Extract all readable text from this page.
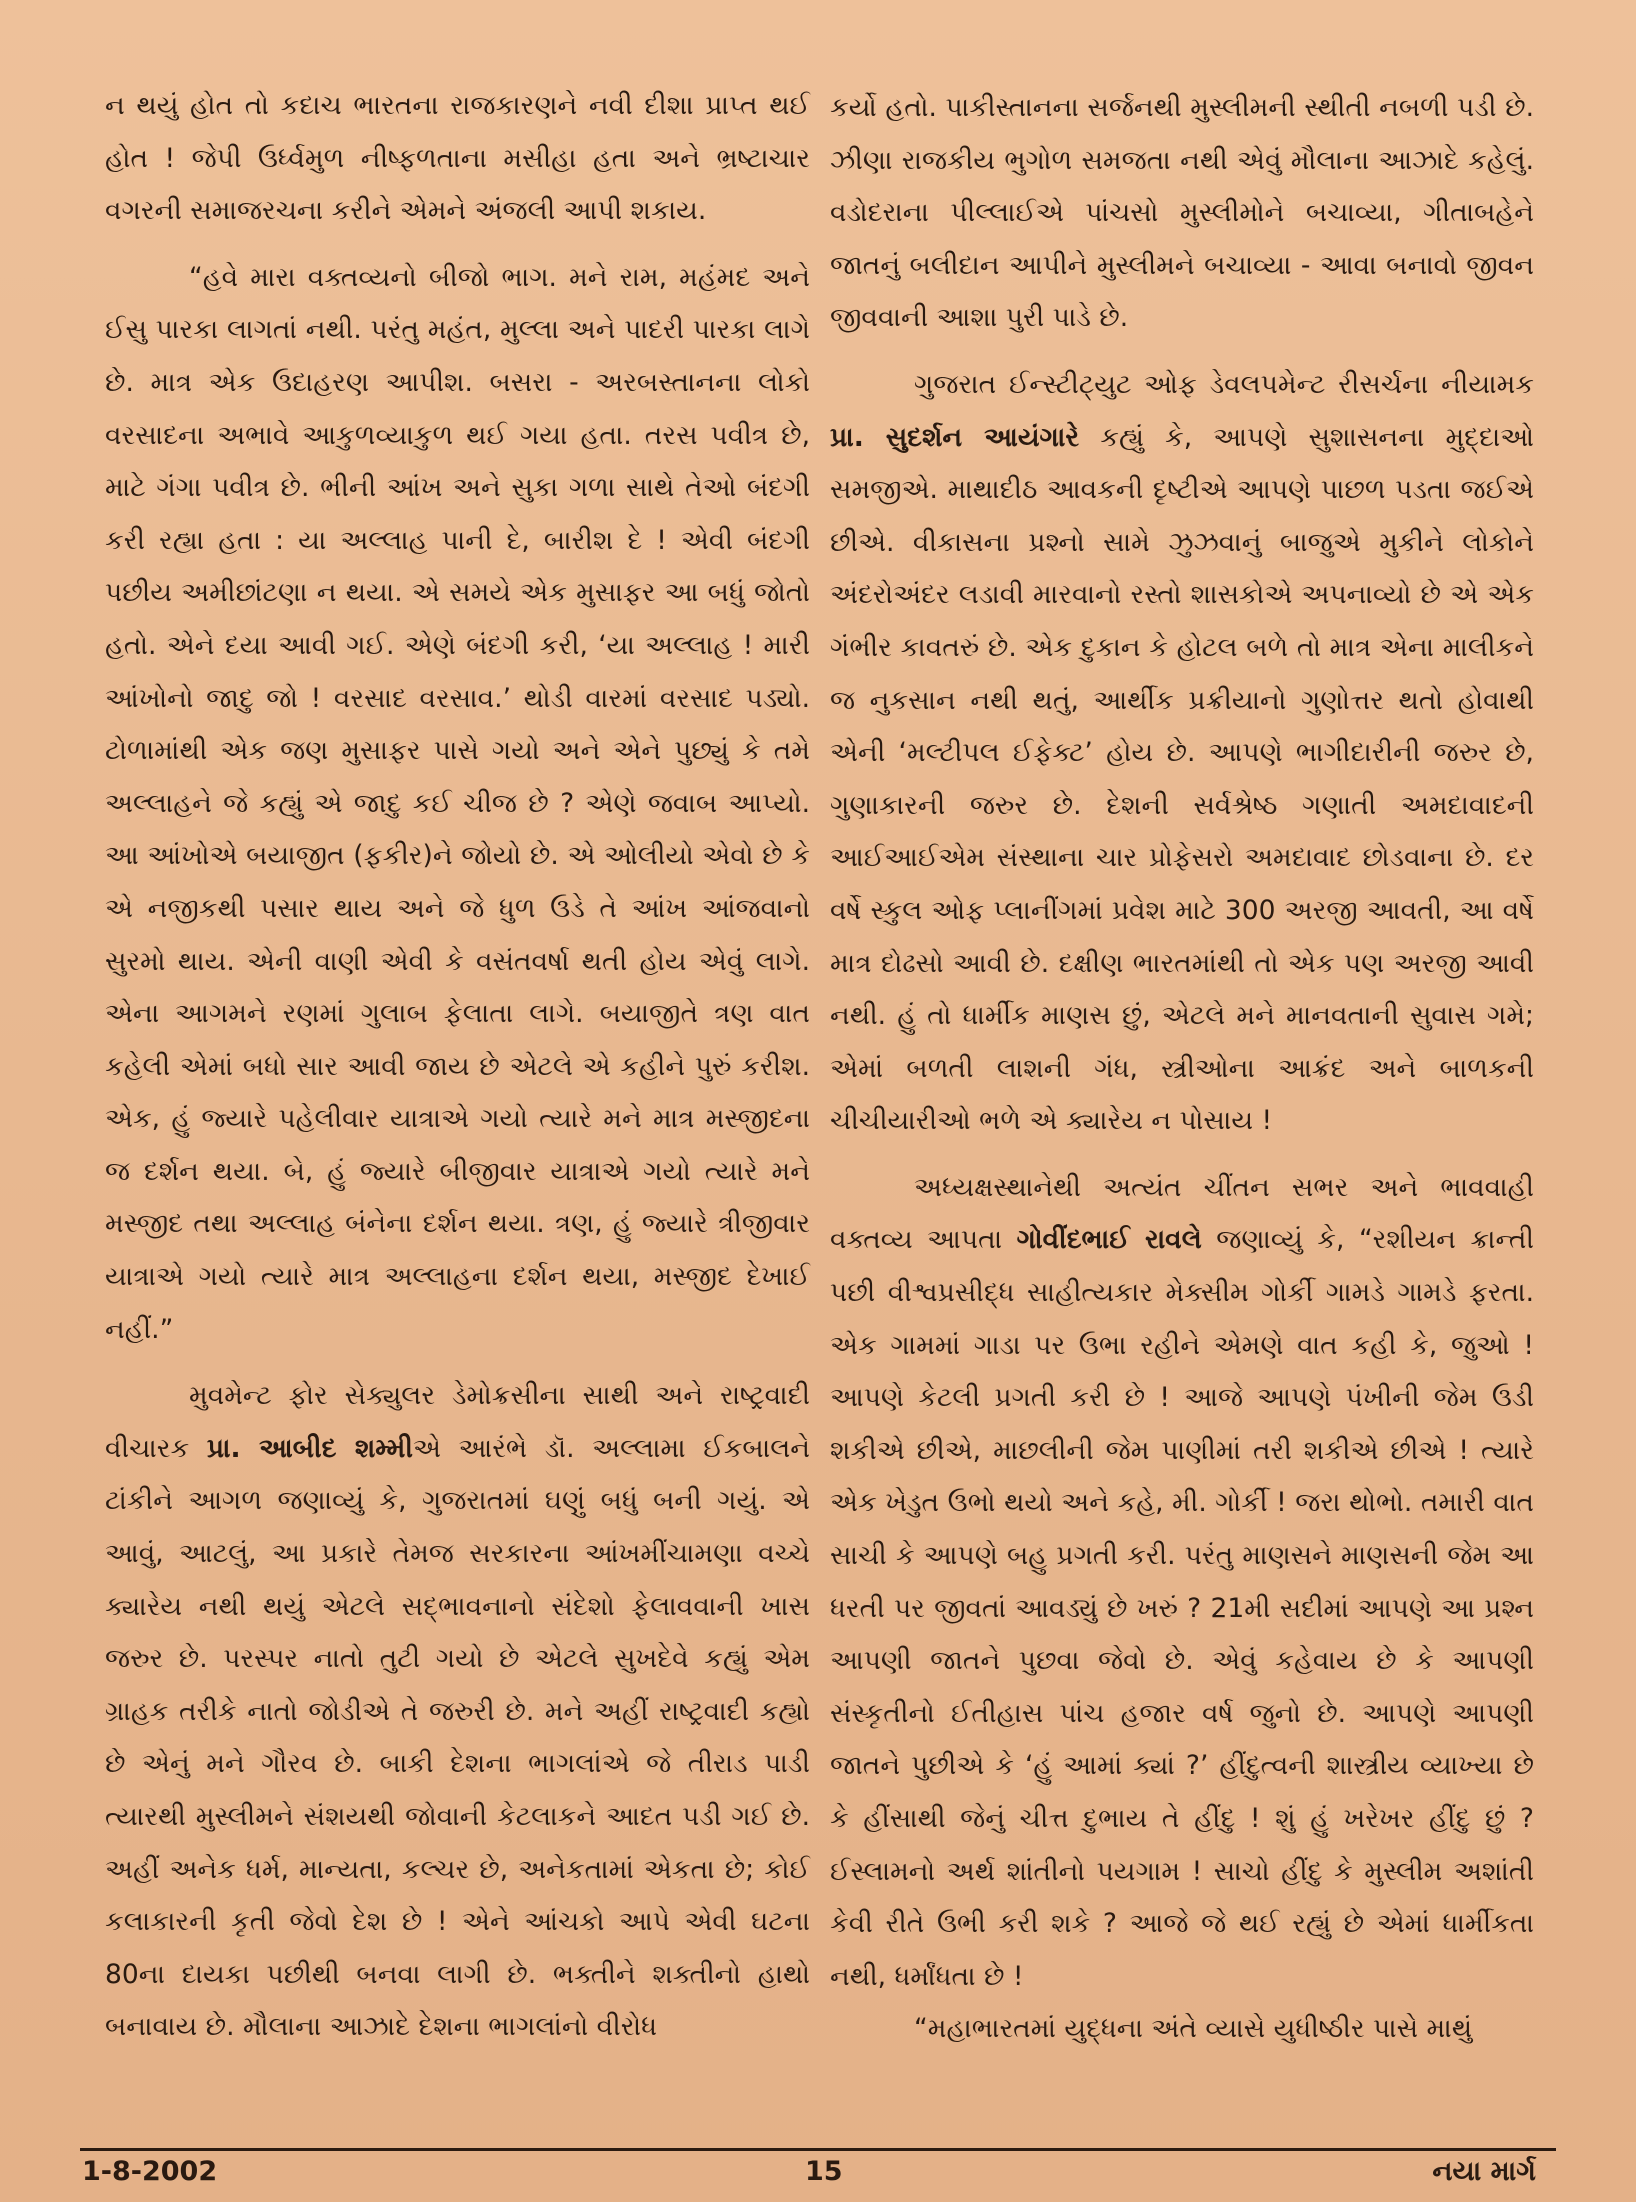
ન થયું હોત તો કદાચ ભારતના રાજકારણને નવી દીશા પ્રાપ્ત થઈ હોત ! જેપી ઉર્ધ્વમુળ નીષ્ફળતાના મસીહા હતા અને ભ્રષ્ટાચાર વગરની સમાજરચના કરીને એમને અંજલી આપી શકાય.

“હવે મારા વક્તવ્યનો બીજો ભાગ. મને રામ, મહંમદ અને ઈસુ પારકા લાગતાં નથી. પરંતુ મહંત, મુલ્લા અને પાદરી પારકા લાગે છે. માત્ર એક ઉદાહરણ આપીશ. બસરા - અરબસ્તાનના લોકો વરસાદના અભાવે આકુળવ્યાકુળ થઈ ગયા હતા. તરસ પવીત્ર છે, માટે ગંગા પવીત્ર છે. ભીની આંખ અને સુકા ગળા સાથે તેઓ બંદગી કરી રહ્યા હતા : યા અલ્લાહ પાની દે, બારીશ દે ! એવી બંદગી પછીય અમીછાંટણા ન થયા. એ સમયે એક મુસાફર આ બધું જોતો હતો. એને દયા આવી ગઈ. એણે બંદગી કરી, ‘યા અલ્લાહ ! મારી આંખોનો જાદુ જો ! વરસાદ વરસાવ.’ થોડી વારમાં વરસાદ પડ્યો. ટોળામાંથી એક જણ મુસાફર પાસે ગયો અને એને પુછ્યું કે તમે અલ્લાહને જે કહ્યું એ જાદુ કઈ ચીજ છે ? એણે જવાબ આપ્યો. આ આંખોએ બયાજીત (ફકીર)ને જોયો છે. એ ઓલીયો એવો છે કે એ નજીકથી પસાર થાય અને જે ધુળ ઉડે તે આંખ આંજવાનો સુરમો થાય. એની વાણી એવી કે વસંતવર્ષા થતી હોય એવું લાગે. એના આગમને રણમાં ગુલાબ ફેલાતા લાગે. બયાજીતે ત્રણ વાત કહેલી એમાં બધો સાર આવી જાય છે એટલે એ કહીને પુરું કરીશ. એક, હું જ્યારે પહેલીવાર યાત્રાએ ગયો ત્યારે મને માત્ર મસ્જીદના જ દર્શન થયા. બે, હું જ્યારે બીજીવાર યાત્રાએ ગયો ત્યારે મને મસ્જીદ તથા અલ્લાહ બંનેના દર્શન થયા. ત્રણ, હું જ્યારે ત્રીજીવાર યાત્રાએ ગયો ત્યારે માત્ર અલ્લાહના દર્શન થયા, મસ્જીદ દેખાઈ નહીં.”

મુવમેન્ટ ફોર સેક્યુલર ડેમોક્રસીના સાથી અને રાષ્ટ્રવાદી વીચારક પ્રા. આબીદ શમ્મીએ આરંભે ડૉ. અલ્લામા ઈકબાલને ટાંકીને આગળ જણાવ્યું કે, ગુજરાતમાં ઘણું બધું બની ગયું. એ આવું, આટલું, આ પ્રકારે તેમજ સરકારના આંખમીંચામણા વચ્ચે ક્યારેય નથી થયું એટલે સદ્‌ભાવનાનો સંદેશો ફેલાવવાની ખાસ જરુર છે. પરસ્પર નાતો તુટી ગયો છે એટલે સુખદેવે કહ્યું એમ ગ્રાહક તરીકે નાતો જોડીએ તે જરુરી છે. મને અહીં રાષ્ટ્રવાદી કહ્યો છે એનું મને ગૌરવ છે. બાકી દેશના ભાગલાંએ જે તીરાડ પાડી ત્યારથી મુસ્લીમને સંશયથી જોવાની કેટલાકને આદત પડી ગઈ છે. અહીં અનેક ધર્મ, માન્યતા, કલ્ચર છે, અનેકતામાં એકતા છે; કોઈ કલાકારની કૃતી જેવો દેશ છે ! એને આંચકો આપે એવી ઘટના 80ના દાયકા પછીથી બનવા લાગી છે. ભક્તીને શક્તીનો હાથો બનાવાય છે. મૌલાના આઝાદે દેશના ભાગલાંનો વીરોધ

કર્યો હતો. પાકીસ્તાનના સર્જનથી મુસ્લીમની સ્થીતી નબળી પડી છે. ઝીણા રાજકીય ભુગોળ સમજતા નથી એવું મૌલાના આઝાદે કહેલું. વડોદરાના પીલ્લાઈએ પાંચસો મુસ્લીમોને બચાવ્યા, ગીતાબહેને જાતનું બલીદાન આપીને મુસ્લીમને બચાવ્યા - આવા બનાવો જીવન જીવવાની આશા પુરી પાડે છે.

ગુજરાત ઈન્સ્ટીટ્યુટ ઓફ ડેવલપમેન્ટ રીસર્ચના નીયામક પ્રા. સુદર્શન આયંગારે કહ્યું કે, આપણે સુશાસનના મુદ્દાઓ સમજીએ. માથાદીઠ આવકની દૃષ્ટીએ આપણે પાછળ પડતા જઈએ છીએ. વીકાસના પ્રશ્નો સામે ઝુઝવાનું બાજુએ મુકીને લોકોને અંદરોઅંદર લડાવી મારવાનો રસ્તો શાસકોએ અપનાવ્યો છે એ એક ગંભીર કાવતરું છે. એક દુકાન કે હોટલ બળે તો માત્ર એના માલીકને જ નુકસાન નથી થતું, આર્થીક પ્રક્રીયાનો ગુણોત્તર થતો હોવાથી એની ‘મલ્ટીપલ ઈફેક્ટ’ હોય છે. આપણે ભાગીદારીની જરુર છે, ગુણાકારની જરુર છે. દેશની સર્વશ્રેષ્ઠ ગણાતી અમદાવાદની આઈઆઈએમ સંસ્થાના ચાર પ્રોફેસરો અમદાવાદ છોડવાના છે. દર વર્ષે સ્કુલ ઓફ પ્લાનીંગમાં પ્રવેશ માટે 300 અરજી આવતી, આ વર્ષે માત્ર દોઢસો આવી છે. દક્ષીણ ભારતમાંથી તો એક પણ અરજી આવી નથી. હું તો ધાર્મીક માણસ છું, એટલે મને માનવતાની સુવાસ ગમે; એમાં બળતી લાશની ગંધ, સ્ત્રીઓના આક્રંદ અને બાળકની ચીચીયારીઓ ભળે એ ક્યારેય ન પોસાય !

અધ્યક્ષસ્થાનેથી અત્યંત ચીંતન સભર અને ભાવવાહી વક્તવ્ય આપતા ગોવીંદભાઈ રાવલે જણાવ્યું કે, “રશીયન ક્રાન્તી પછી વીશ્વપ્રસીદ્ધ સાહીત્યકાર મેક્સીમ ગોર્કી ગામડે ગામડે ફરતા. એક ગામમાં ગાડા પર ઉભા રહીને એમણે વાત કહી કે, જુઓ ! આપણે કેટલી પ્રગતી કરી છે ! આજે આપણે પંખીની જેમ ઉડી શકીએ છીએ, માછલીની જેમ પાણીમાં તરી શકીએ છીએ ! ત્યારે એક ખેડુત ઉભો થયો અને કહે, મી. ગોર્કી ! જરા થોભો. તમારી વાત સાચી કે આપણે બહુ પ્રગતી કરી. પરંતુ માણસને માણસની જેમ આ ધરતી પર જીવતાં આવડ્યું છે ખરું ? 21મી સદીમાં આપણે આ પ્રશ્ન આપણી જાતને પુછવા જેવો છે. એવું કહેવાય છે કે આપણી સંસ્કૃતીનો ઈતીહાસ પાંચ હજાર વર્ષ જુનો છે. આપણે આપણી જાતને પુછીએ કે ‘હું આમાં ક્યાં ?’ હીંદુત્વની શાસ્ત્રીય વ્યાખ્યા છે કે હીંસાથી જેનું ચીત્ત દુભાય તે હીંદુ ! શું હું ખરેખર હીંદુ છું ? ઈસ્લામનો અર્થ શાંતીનો પયગામ ! સાચો હીંદુ કે મુસ્લીમ અશાંતી કેવી રીતે ઉભી કરી શકે ? આજે જે થઈ રહ્યું છે એમાં ધાર્મીકતા નથી, ધર્માંધતા છે !

“મહાભારતમાં યુદ્ધના અંતે વ્યાસે યુધીષ્ઠીર પાસે માથું

1-8-2002	15	નયા માર્ગ
